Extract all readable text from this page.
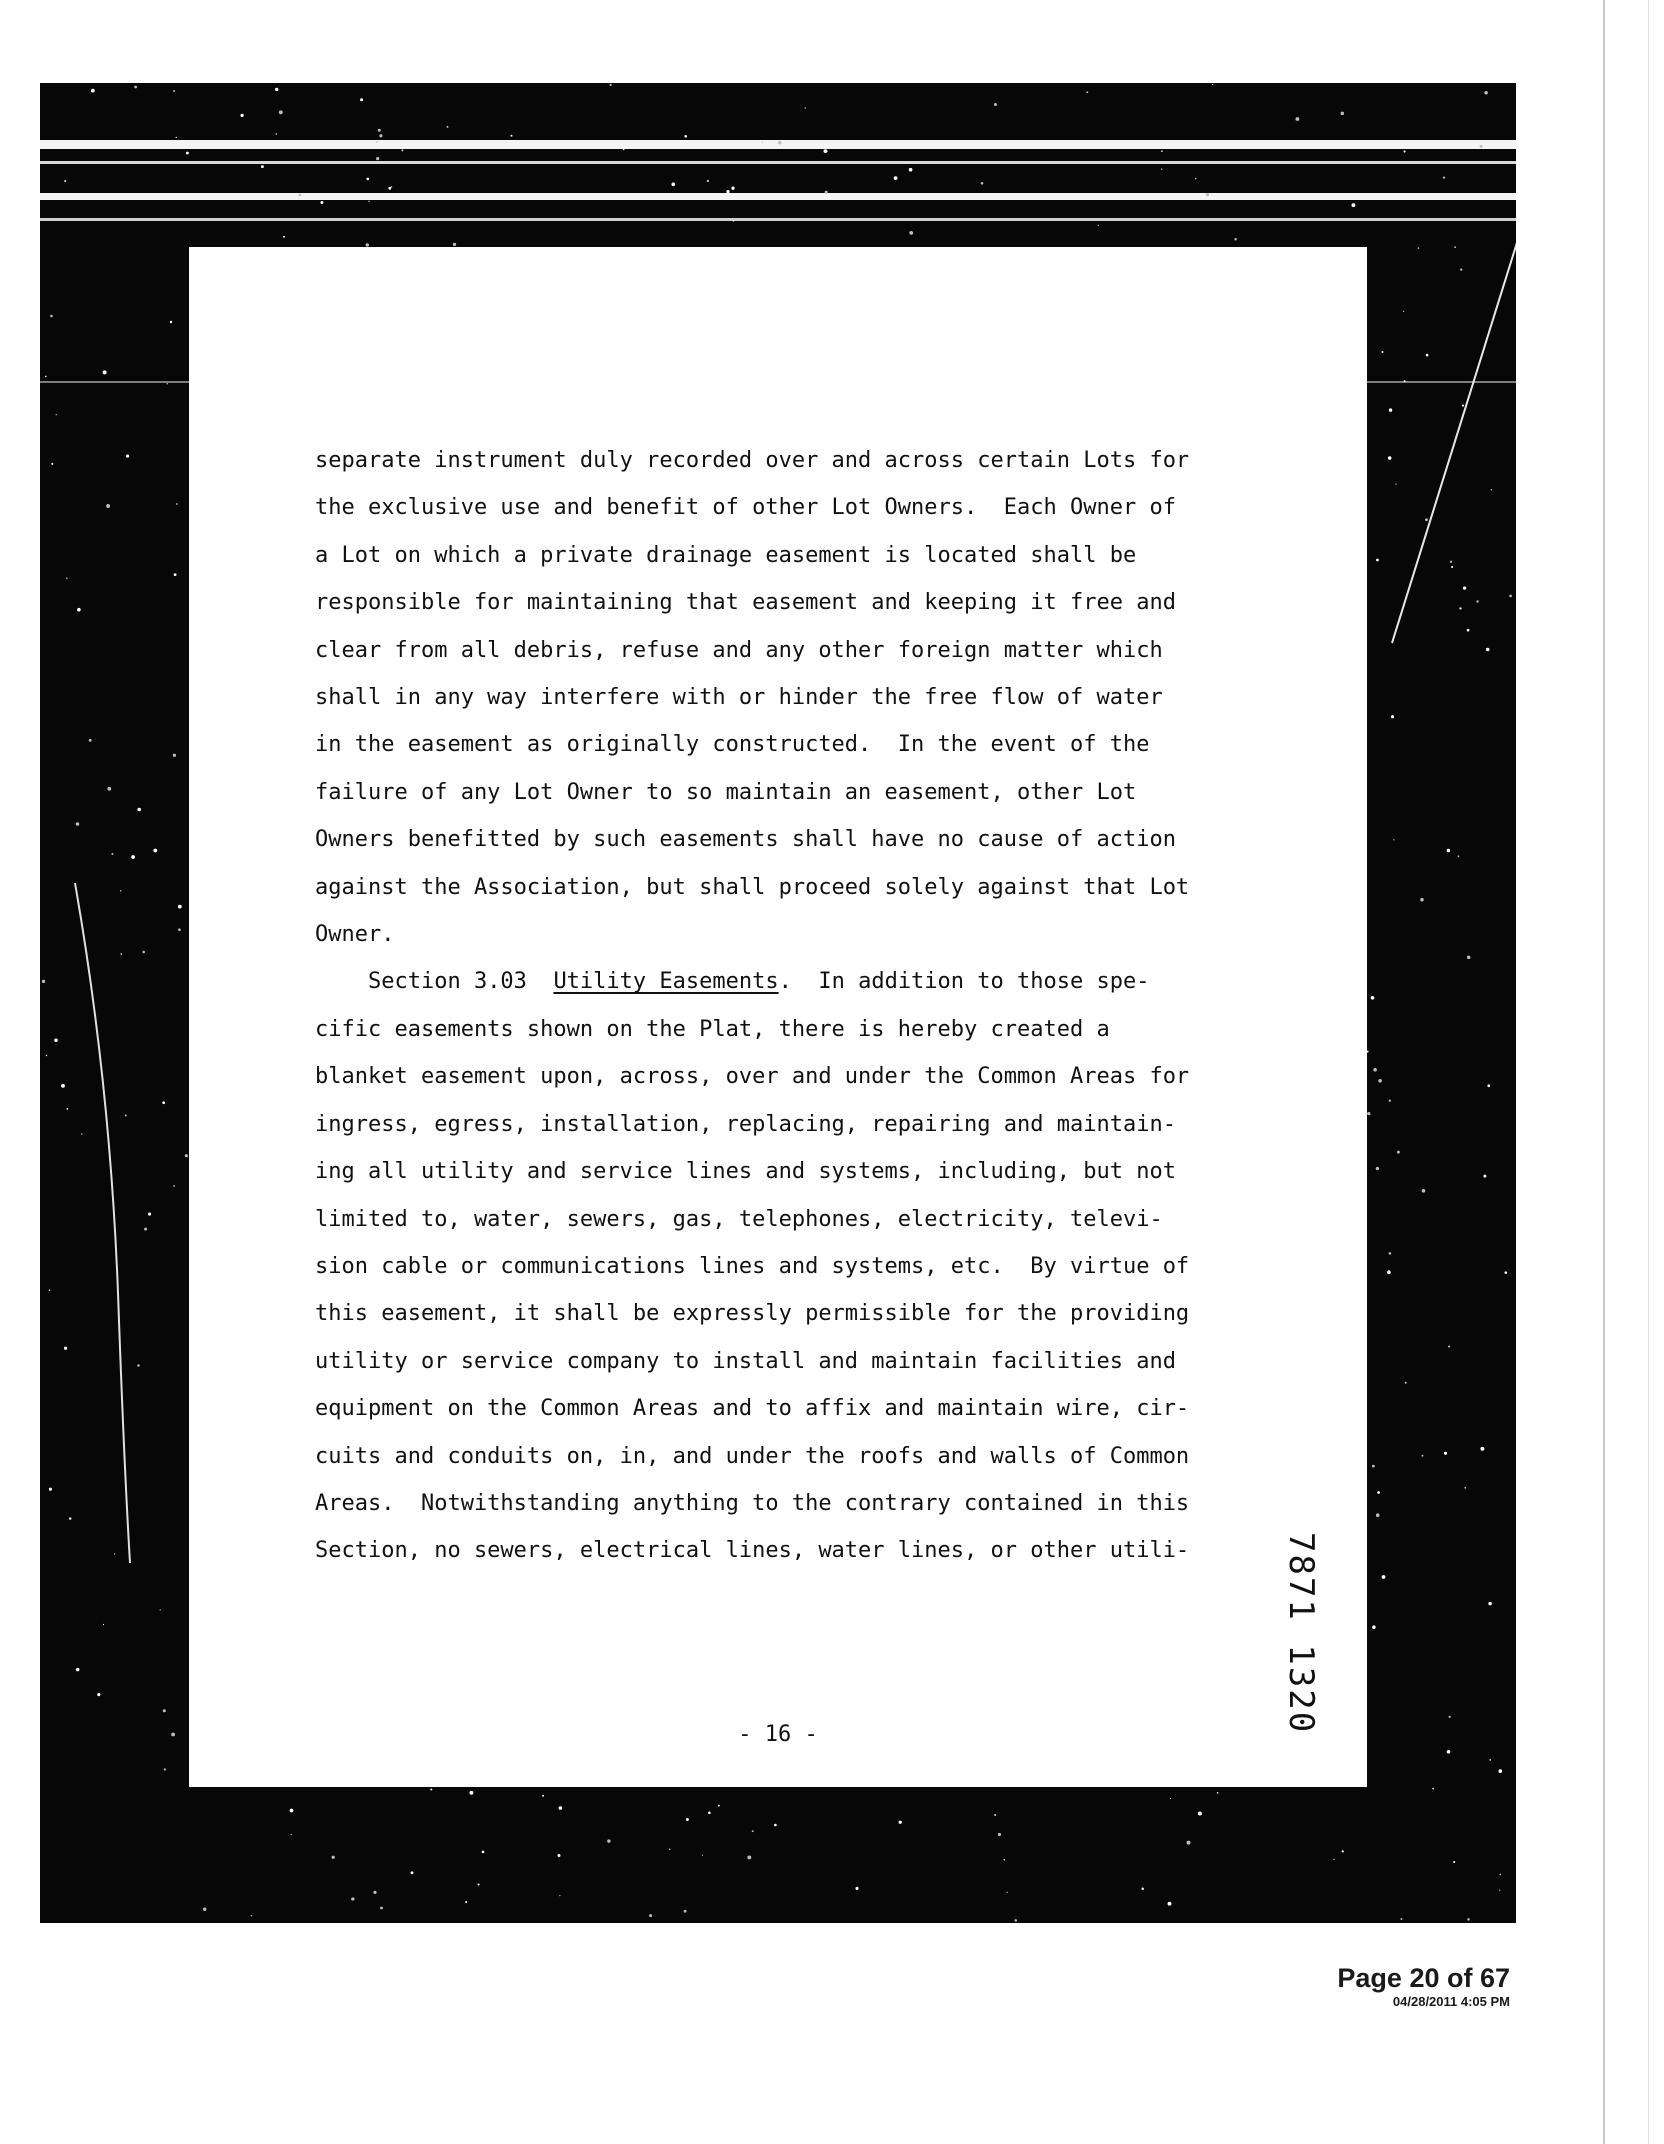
separate instrument duly recorded over and across certain Lots for

the exclusive use and benefit of other Lot Owners.  Each Owner of

a Lot on which a private drainage easement is located shall be

responsible for maintaining that easement and keeping it free and

clear from all debris, refuse and any other foreign matter which

shall in any way interfere with or hinder the free flow of water

in the easement as originally constructed.  In the event of the

failure of any Lot Owner to so maintain an easement, other Lot

Owners benefitted by such easements shall have no cause of action

against the Association, but shall proceed solely against that Lot

Owner.

Section 3.03 Utility Easements.  In addition to those spe-

cific easements shown on the Plat, there is hereby created a

blanket easement upon, across, over and under the Common Areas for

ingress, egress, installation, replacing, repairing and maintain-

ing all utility and service lines and systems, including, but not

limited to, water, sewers, gas, telephones, electricity, televi-

sion cable or communications lines and systems, etc.  By virtue of

this easement, it shall be expressly permissible for the providing

utility or service company to install and maintain facilities and

equipment on the Common Areas and to affix and maintain wire, cir-

cuits and conduits on, in, and under the roofs and walls of Common

Areas.  Notwithstanding anything to the contrary contained in this

Section, no sewers, electrical lines, water lines, or other utili-

- 16 -
7871 1320
Page 20 of 67
04/28/2011 4:05 PM
